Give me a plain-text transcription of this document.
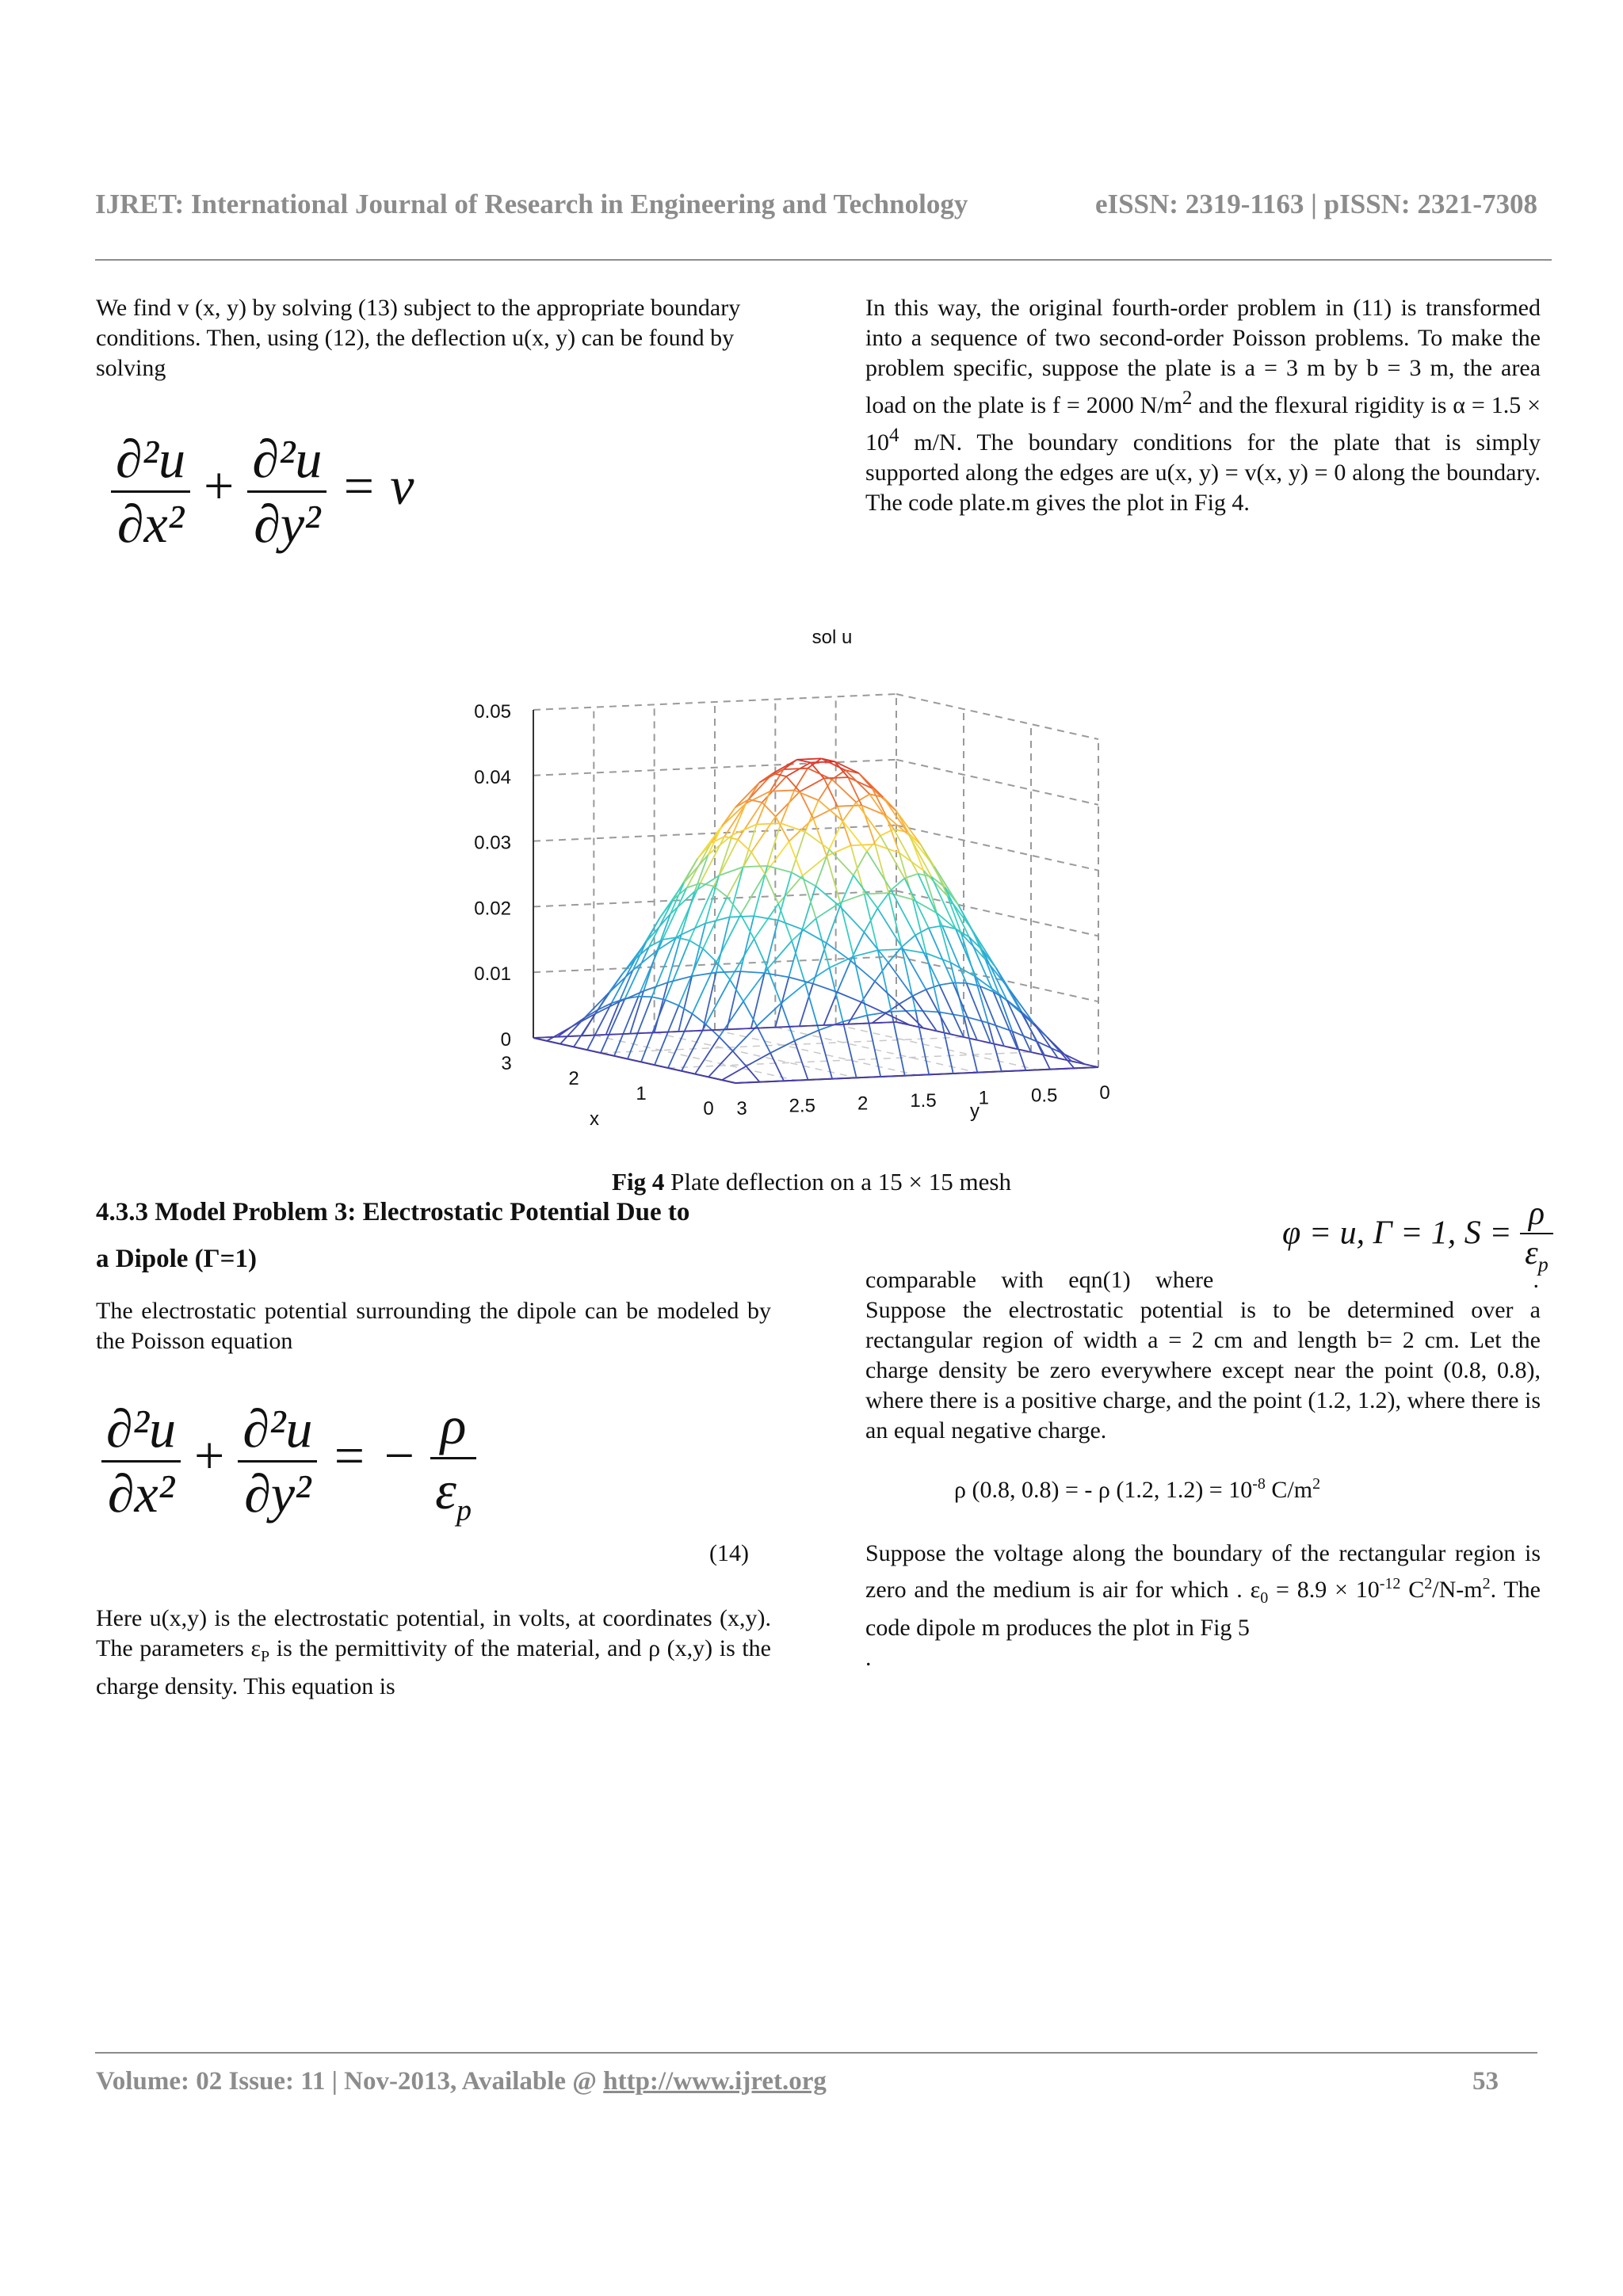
IJRET: International Journal of Research in Engineering and Technology	eISSN: 2319-1163 | pISSN: 2321-7308
We find v (x, y) by solving (13) subject to the appropriate boundary conditions. Then, using (12), the deflection u(x, y) can be found by solving
$\frac{\text{∂²u}}{\text{∂x²}} + \frac{\text{∂²u}}{\text{∂y²}} = v$
In this way, the original fourth-order problem in (11) is transformed into a sequence of two second-order Poisson problems. To make the problem specific, suppose the plate is a = 3 m by b = 3 m, the area load on the plate is f = 2000 $N/m^2$ and the flexural rigidity is $\alpha = 1.5 \times 10^4$ m/N. The boundary conditions for the plate that is simply supported along the edges are u(x, y) = v(x, y) = 0 along the boundary. The code plate.m gives the plot in Fig 4.
0
0.01
0.02
0.03
0.04
0.05
sol u
3
2
1
0 3 2.5 2 1.5 1 0.5 0
x	y
Fig 4 Plate deflection on a 15 × 15 mesh
4.3.3 Model Problem 3: Electrostatic Potential Due to
a Dipole (Γ=1)
The electrostatic potential surrounding the dipole can be modeled by the Poisson equation
$\frac{\text{∂²u}}{\text{∂x²}} + \frac{\text{∂²u}}{\text{∂y²}}$ = − $\frac{\rho}{\varepsilon_p}$
(14)
Here u(x,y) is the electrostatic potential, in volts, at coordinates (x,y). The parameters $\varepsilon_P$ is the permittivity of the material, and ρ (x,y) is the charge density. This equation is
φ = u, Γ = 1, $S = \frac{\rho}{\varepsilon_p}$
comparable with eqn(1) where	.
Suppose the electrostatic potential is to be determined over a rectangular region of width a = 2 cm and length b= 2 cm. Let the charge density be zero everywhere except near the point (0.8, 0.8), where there is a positive charge, and the point (1.2, 1.2), where there is an equal negative charge.
ρ (0.8, 0.8) = - ρ (1.2, $1.2) = 10^{-8}$ $C/m^2$
Suppose the voltage along the boundary of the rectangular region is zero and the medium is air for which . $\varepsilon_0 = 8.9 \times 10^{-12}$ $C^2/N-m^2$. The code dipole m produces the plot in Fig 5
.
Volume: 02 Issue: 11 | Nov-2013, Available @ http://www.ijret.org	53
